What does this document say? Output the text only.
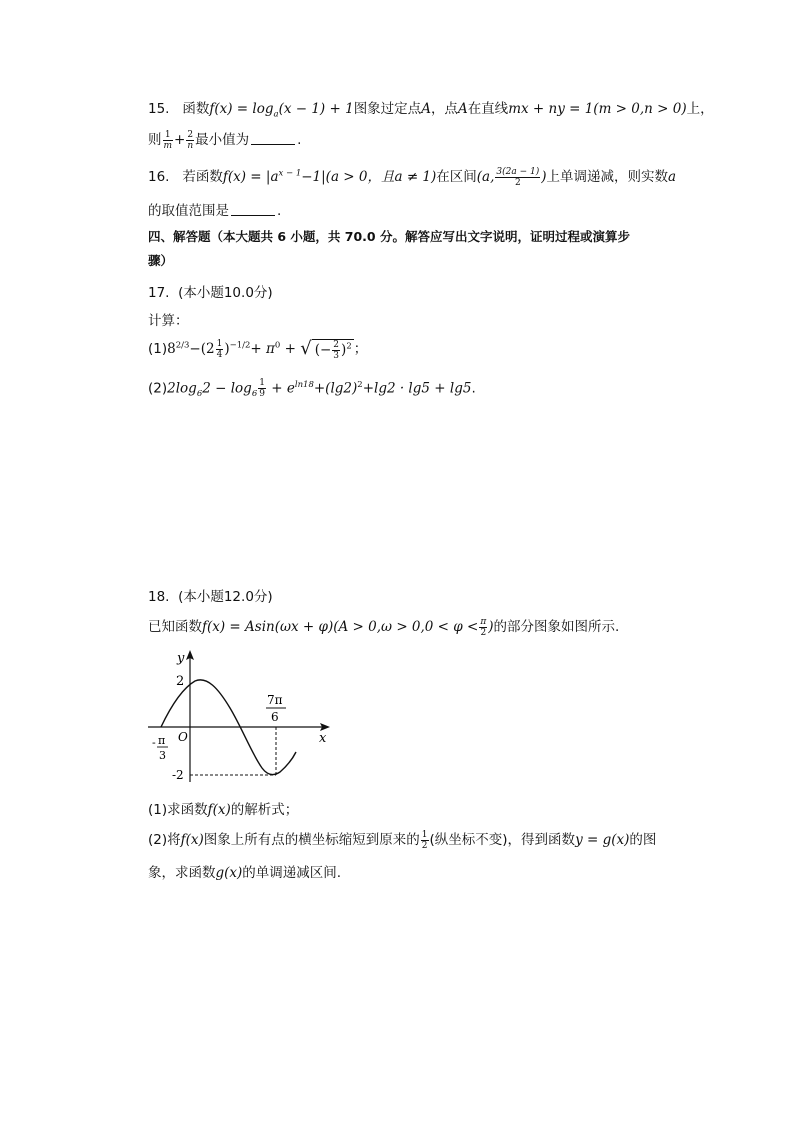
15. 函数$f(x) = \log_a(x - 1) + 1$图象过定点A，点A在直线mx + ny = 1(m > 0,n > 0)上，
则 $\frac{1}{m} + \frac{2}{n}$ 最小值为	.
16. 若函数$f(x) = |a^{x - 1}-1|(a > 0$，且a ≠ 1)在区间(a, $\frac{3(2a - 1)}{2}$ )上单调递减，则实数a
的取值范围是	.
四、解答题（本大题共 6 小题，共 70.0 分。解答应写出文字说明，证明过程或演算步
骤）
17. (本小题10.0分)
计算：
$(1)8^{2/3}-(2 \frac{1}{4} )^{-1/2}+ \pi^0$ + √ (− $\frac{2}{3} )^2$ ；
$(2)2\log_62 - \log_6 \frac{1}{9} + e^{ln18}+(\lg 2)^2+\lg 2 \cdot \lg 5 + \lg 5$.
18. (本小题12.0分)
已知函数$f(x) = Asin(\omega x + \varphi)(A > 0,\omega > 0,0 < \varphi < \frac{\pi}{2}$ )的部分图象如图所示.
y
x
O
2
-2
- π
3
7π
6
(1)求函数f(x)的解析式；
(2)将f(x)图象上所有点的横坐标缩短到原来的 $\frac{1}{2}$ (纵坐标不变)，得到函数y = g(x)的图
象，求函数g(x)的单调递减区间.
